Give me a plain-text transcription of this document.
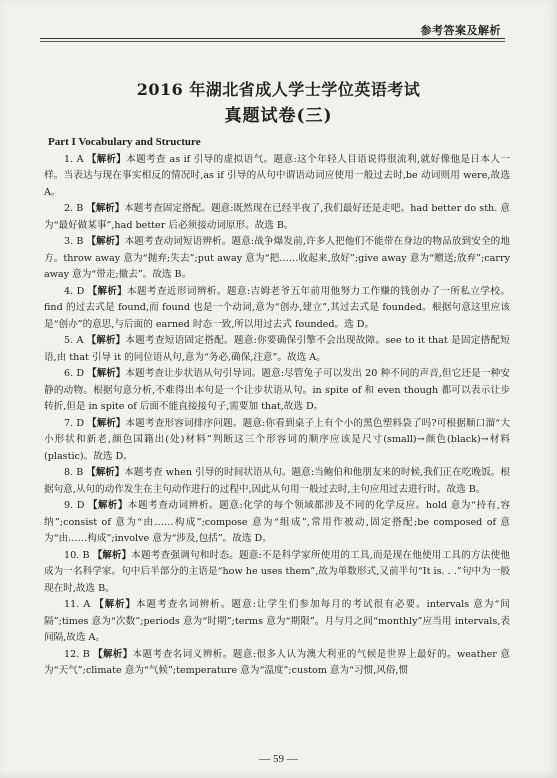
参考答案及解析
2016 年湖北省成人学士学位英语考试
真题试卷(三)
Part I Vocabulary and Structure

1. A 【解析】本题考查 as if 引导的虚拟语气。题意:这个年轻人目语说得很流利,就好像他是日本人一样。当表达与现在事实相反的情况时,as if 引导的从句中谓语动词应使用一般过去时,be 动词则用 were,故选 A。

2. B 【解析】本题考查固定搭配。题意:既然现在已经半夜了,我们最好还是走吧。had better do sth. 意为“最好做某事”,had better 后必须接动词原形。故选 B。

3. B 【解析】本题考查动词短语辨析。题意:战争爆发前,许多人把他们不能带在身边的物品放到安全的地方。throw away 意为“抛弃;失去”;put away 意为“把……收起来,放好”;give away 意为“赠送;放弃”;carry away 意为“带走;撤去”。故选 B。

4. D 【解析】本题考查近形词辨析。题意:吉姆老爷五年前用他努力工作赚的钱创办了一所私立学校。find 的过去式是 found,而 found 也是一个动词,意为“创办,建立”,其过去式是 founded。根据句意这里应该是“创办”的意思,与后面的 earned 时态一致,所以用过去式 founded。选 D。

5. A 【解析】本题考查短语固定搭配。题意:你要确保引擎不会出现故障。see to it that 是固定搭配短语,由 that 引导 it 的同位语从句,意为“务必,确保,注意”。故选 A。

6. D 【解析】本题考查让步状语从句引导词。题意:尽管兔子可以发出 20 种不同的声音,但它还是一种安静的动物。根据句意分析,不难得出本句是一个让步状语从句。in spite of 和 even though 都可以表示让步转折,但是 in spite of 后面不能直接接句子,需要加 that,故选 D。

7. D 【解析】本题考查形容词排序问题。题意:你看到桌子上有个小的黑色塑料袋了吗?可根据顺口溜“大小形状和新老,颜色国籍出(处)材料”判断这三个形容词的顺序应该是尺寸(small)→颜色(black)→材料(plastic)。故选 D。

8. B 【解析】本题考查 when 引导的时间状语从句。题意:当鲍伯和他朋友来的时候,我们正在吃晚饭。根据句意,从句的动作发生在主句动作进行的过程中,因此从句用一般过去时,主句应用过去进行时。故选 B。

9. D 【解析】本题考查动词辨析。题意:化学的每个领域都涉及不同的化学反应。hold 意为“持有,容纳”;consist of 意为“由……构成”;compose 意为“组成”,常用作被动,固定搭配;be composed of 意为“由……构成”;involve 意为“涉及,包括”。故选 D。

10. B 【解析】本题考查强调句和时态。题意:不是科学家所使用的工具,而是现在他使用工具的方法使他成为一名科学家。句中后半部分的主语是“how he uses them”,故为单数形式,又前半句“It is. . .”句中为一般现在时,故选 B。

11. A 【解析】本题考查名词辨析。题意:让学生们参加每月的考试很有必要。intervals 意为“间隔”;times 意为“次数”;periods 意为“时期”;terms 意为“期限”。月与月之间“monthly”应当用 intervals,表间隔,故选 A。

12. B 【解析】本题考查名词义辨析。题意:很多人认为澳大利亚的气候是世界上最好的。weather 意为“天气”;climate 意为“气候”;temperature 意为“温度”;custom 意为“习惯,风俗,惯

— 59 —
